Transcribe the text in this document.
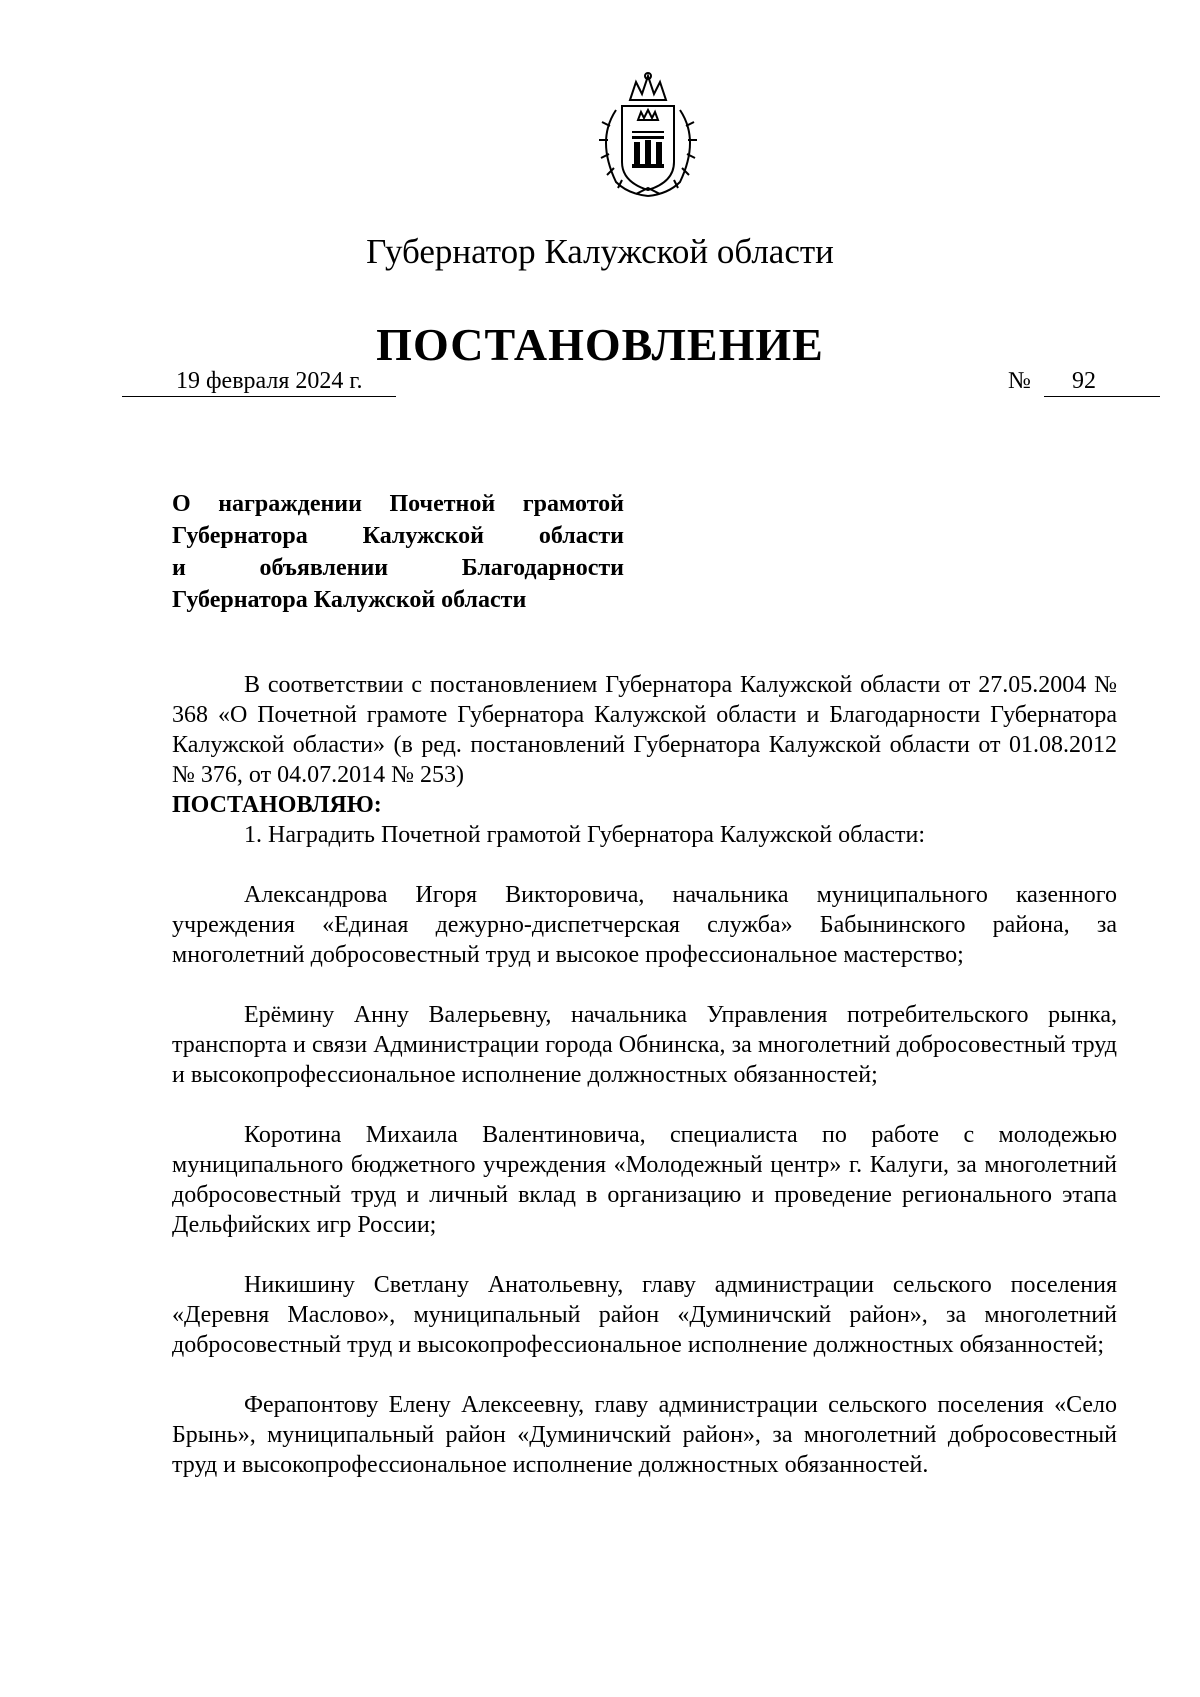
Губернатор Калужской области
ПОСТАНОВЛЕНИЕ
19 февраля 2024 г.	№	92
О награждении Почетной грамотой
Губернатора Калужской области
и объявлении Благодарности
Губернатора Калужской области

В соответствии с постановлением Губернатора Калужской области от 27.05.2004 № 368 «О Почетной грамоте Губернатора Калужской области и Благодарности Губернатора Калужской области» (в ред. постановлений Губернатора Калужской области от 01.08.2012 № 376, от 04.07.2014 № 253)

ПОСТАНОВЛЯЮ:

1. Наградить Почетной грамотой Губернатора Калужской области:

Александрова Игоря Викторовича, начальника муниципального казенного учреждения «Единая дежурно-диспетчерская служба» Бабынинского района, за многолетний добросовестный труд и высокое профессиональное мастерство;

Ерёмину Анну Валерьевну, начальника Управления потребительского рынка, транспорта и связи Администрации города Обнинска, за многолетний добросовестный труд и высокопрофессиональное исполнение должностных обязанностей;

Коротина Михаила Валентиновича, специалиста по работе с молодежью муниципального бюджетного учреждения «Молодежный центр» г. Калуги, за многолетний добросовестный труд и личный вклад в организацию и проведение регионального этапа Дельфийских игр России;

Никишину Светлану Анатольевну, главу администрации сельского поселения «Деревня Маслово», муниципальный район «Думиничский район», за многолетний добросовестный труд и высокопрофессиональное исполнение должностных обязанностей;

Ферапонтову Елену Алексеевну, главу администрации сельского поселения «Село Брынь», муниципальный район «Думиничский район», за многолетний добросовестный труд и высокопрофессиональное исполнение должностных обязанностей.
